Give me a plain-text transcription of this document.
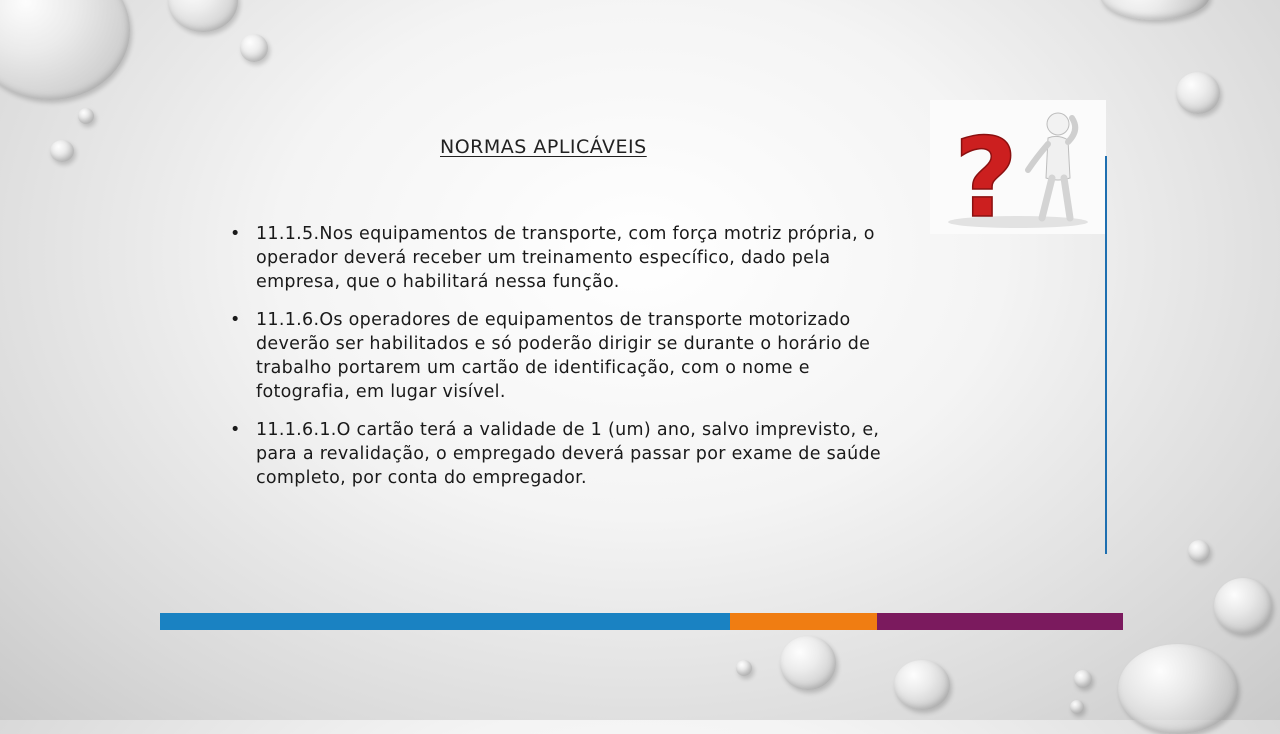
NORMAS APLICÁVEIS
• 11.1.5.Nos equipamentos de transporte, com força motriz própria, o operador deverá receber um treinamento específico, dado pela empresa, que o habilitará nessa função.
• 11.1.6.Os operadores de equipamentos de transporte motorizado deverão ser habilitados e só poderão dirigir se durante o horário de trabalho portarem um cartão de identificação, com o nome e fotografia, em lugar visível.
• 11.1.6.1.O cartão terá a validade de 1 (um) ano, salvo imprevisto, e, para a revalidação, o empregado deverá passar por exame de saúde completo, por conta do empregador.
?
